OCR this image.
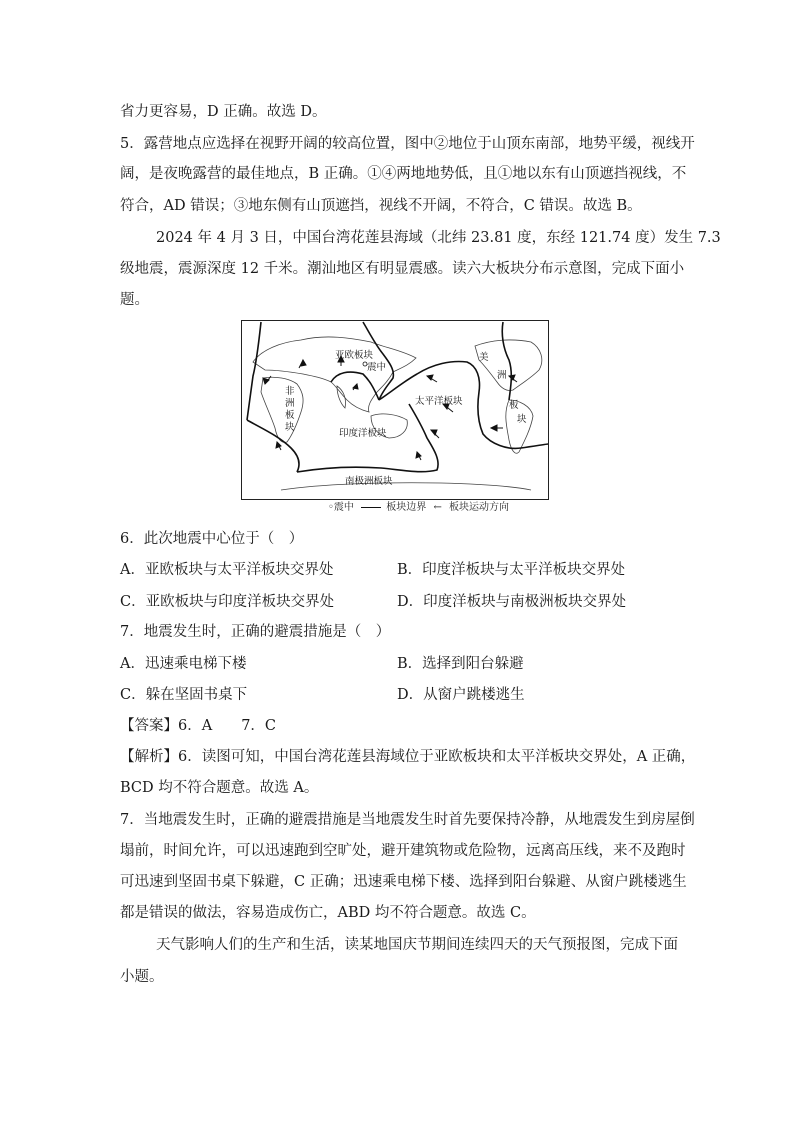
省力更容易，D 正确。故选 D。
5．露营地点应选择在视野开阔的较高位置，图中②地位于山顶东南部，地势平缓，视线开
阔，是夜晚露营的最佳地点，B 正确。①④两地地势低，且①地以东有山顶遮挡视线，不
符合，AD 错误；③地东侧有山顶遮挡，视线不开阔，不符合，C 错误。故选 B。
2024 年 4 月 3 日，中国台湾花莲县海域（北纬 23.81 度，东经 121.74 度）发生 7.3
级地震，震源深度 12 千米。潮汕地区有明显震感。读六大板块分布示意图，完成下面小
题。
亚欧板块
太平洋板块
印度洋板块
南极洲板块
震中
非
洲
板
块
美
洲
板
块
◦震中	板块边界 ← 板块运动方向
6．此次地震中心位于（　）
A．亚欧板块与太平洋板块交界处	B．印度洋板块与太平洋板块交界处
C．亚欧板块与印度洋板块交界处	D．印度洋板块与南极洲板块交界处
7．地震发生时，正确的避震措施是（　）
A．迅速乘电梯下楼	B．选择到阳台躲避
C．躲在坚固书桌下	D．从窗户跳楼逃生
【答案】6．A　　7．C
【解析】6．读图可知，中国台湾花莲县海域位于亚欧板块和太平洋板块交界处，A 正确，
BCD 均不符合题意。故选 A。
7．当地震发生时，正确的避震措施是当地震发生时首先要保持冷静，从地震发生到房屋倒
塌前，时间允许，可以迅速跑到空旷处，避开建筑物或危险物，远离高压线，来不及跑时
可迅速到坚固书桌下躲避，C 正确；迅速乘电梯下楼、选择到阳台躲避、从窗户跳楼逃生
都是错误的做法，容易造成伤亡，ABD 均不符合题意。故选 C。
天气影响人们的生产和生活，读某地国庆节期间连续四天的天气预报图，完成下面
小题。
